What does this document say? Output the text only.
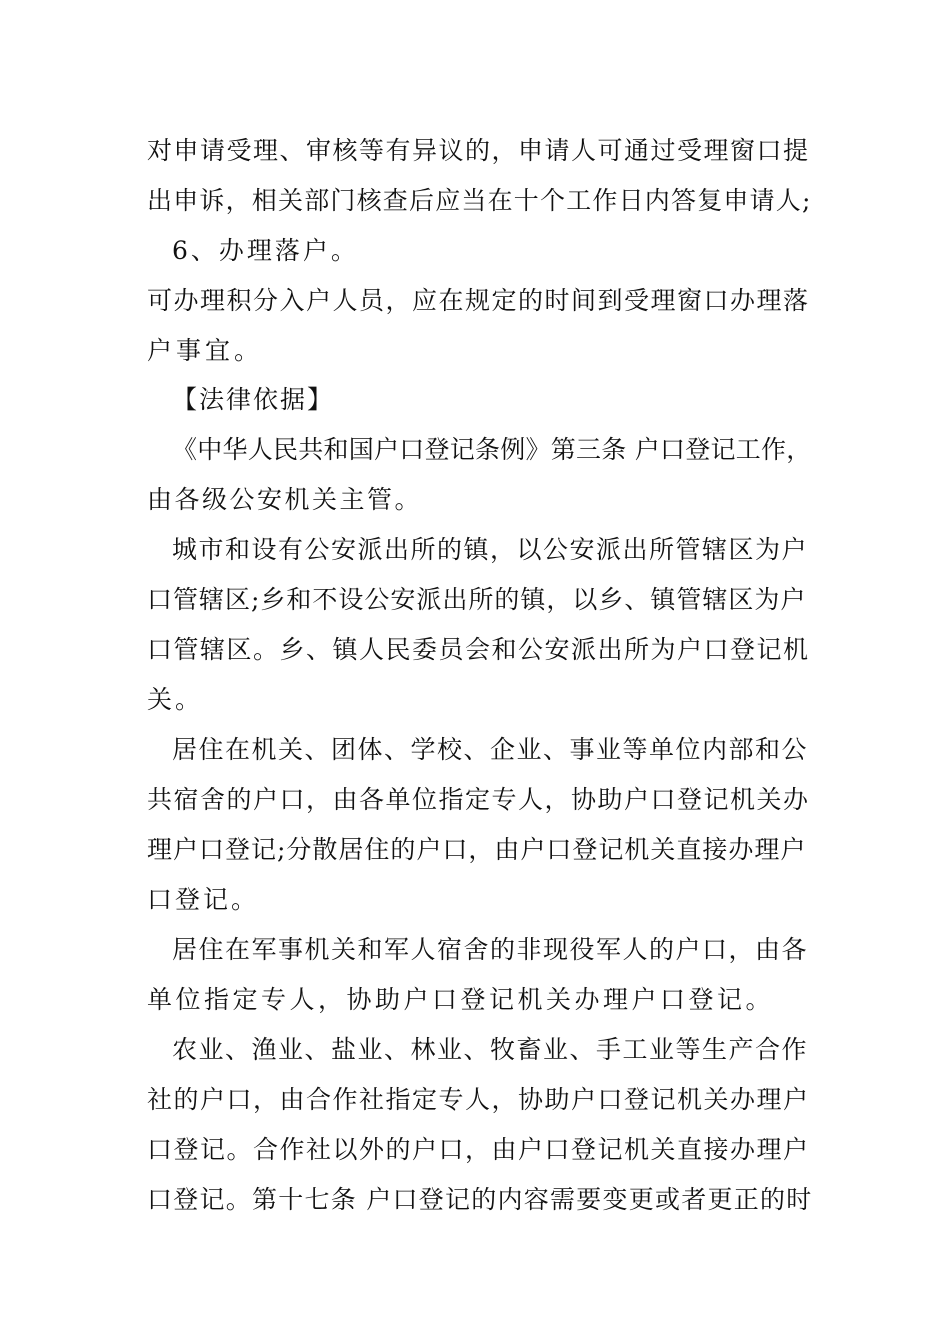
对申请受理、审核等有异议的，申请人可通过受理窗口提
出申诉，相关部门核查后应当在十个工作日内答复申请人;
6、办理落户。
可办理积分入户人员，应在规定的时间到受理窗口办理落
户事宜。
【法律依据】
《中华人民共和国户口登记条例》第三条 户口登记工作，
由各级公安机关主管。
城市和设有公安派出所的镇，以公安派出所管辖区为户
口管辖区;乡和不设公安派出所的镇，以乡、镇管辖区为户
口管辖区。乡、镇人民委员会和公安派出所为户口登记机
关。
居住在机关、团体、学校、企业、事业等单位内部和公
共宿舍的户口，由各单位指定专人，协助户口登记机关办
理户口登记;分散居住的户口，由户口登记机关直接办理户
口登记。
居住在军事机关和军人宿舍的非现役军人的户口，由各
单位指定专人，协助户口登记机关办理户口登记。
农业、渔业、盐业、林业、牧畜业、手工业等生产合作
社的户口，由合作社指定专人，协助户口登记机关办理户
口登记。合作社以外的户口，由户口登记机关直接办理户
口登记。第十七条 户口登记的内容需要变更或者更正的时
